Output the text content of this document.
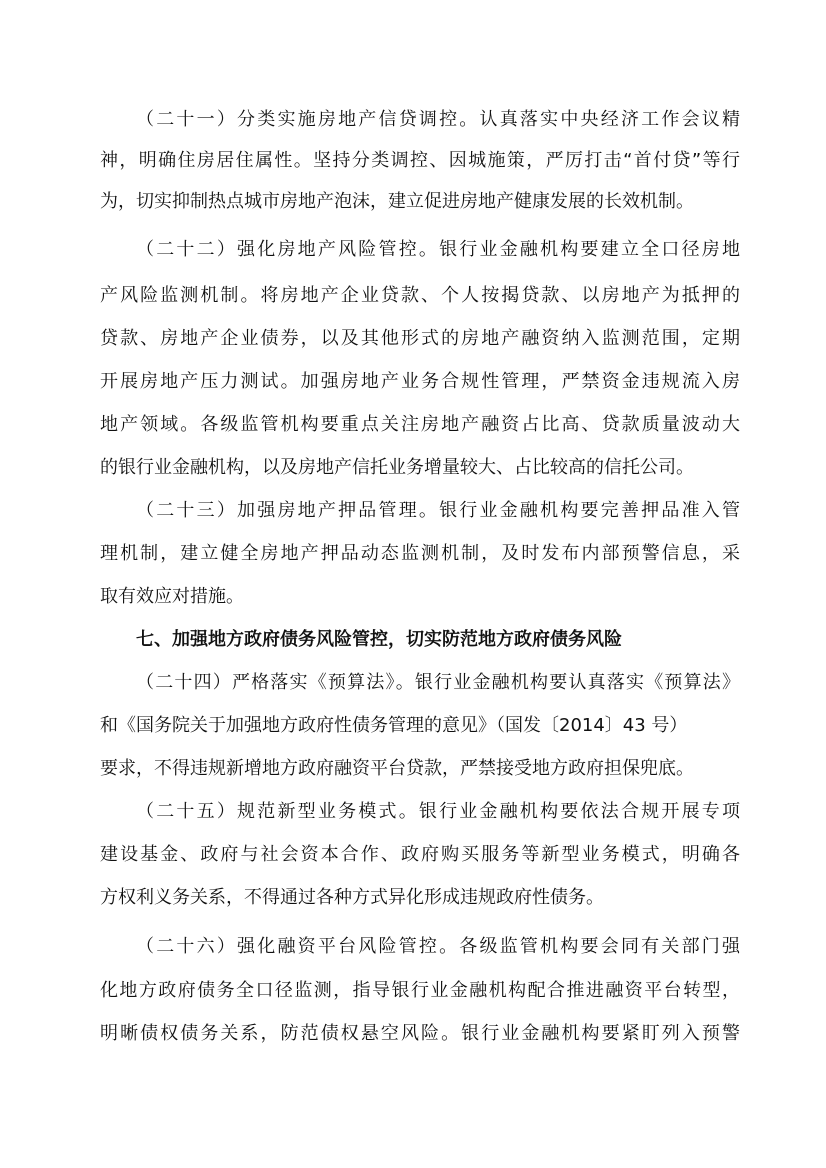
（二十一）分类实施房地产信贷调控。认真落实中央经济工作会议精
神，明确住房居住属性。坚持分类调控、因城施策，严厉打击“首付贷”等行
为，切实抑制热点城市房地产泡沫，建立促进房地产健康发展的长效机制。
（二十二）强化房地产风险管控。银行业金融机构要建立全口径房地
产风险监测机制。将房地产企业贷款、个人按揭贷款、以房地产为抵押的
贷款、房地产企业债券，以及其他形式的房地产融资纳入监测范围，定期
开展房地产压力测试。加强房地产业务合规性管理，严禁资金违规流入房
地产领域。各级监管机构要重点关注房地产融资占比高、贷款质量波动大
的银行业金融机构，以及房地产信托业务增量较大、占比较高的信托公司。
（二十三）加强房地产押品管理。银行业金融机构要完善押品准入管
理机制，建立健全房地产押品动态监测机制，及时发布内部预警信息，采
取有效应对措施。
七、加强地方政府债务风险管控，切实防范地方政府债务风险
（二十四）严格落实《预算法》。银行业金融机构要认真落实《预算法》
和《国务院关于加强地方政府性债务管理的意见》（国发〔2014〕43 号）
要求，不得违规新增地方政府融资平台贷款，严禁接受地方政府担保兜底。
（二十五）规范新型业务模式。银行业金融机构要依法合规开展专项
建设基金、政府与社会资本合作、政府购买服务等新型业务模式，明确各
方权利义务关系，不得通过各种方式异化形成违规政府性债务。
（二十六）强化融资平台风险管控。各级监管机构要会同有关部门强
化地方政府债务全口径监测，指导银行业金融机构配合推进融资平台转型，
明晰债权债务关系，防范债权悬空风险。银行业金融机构要紧盯列入预警
